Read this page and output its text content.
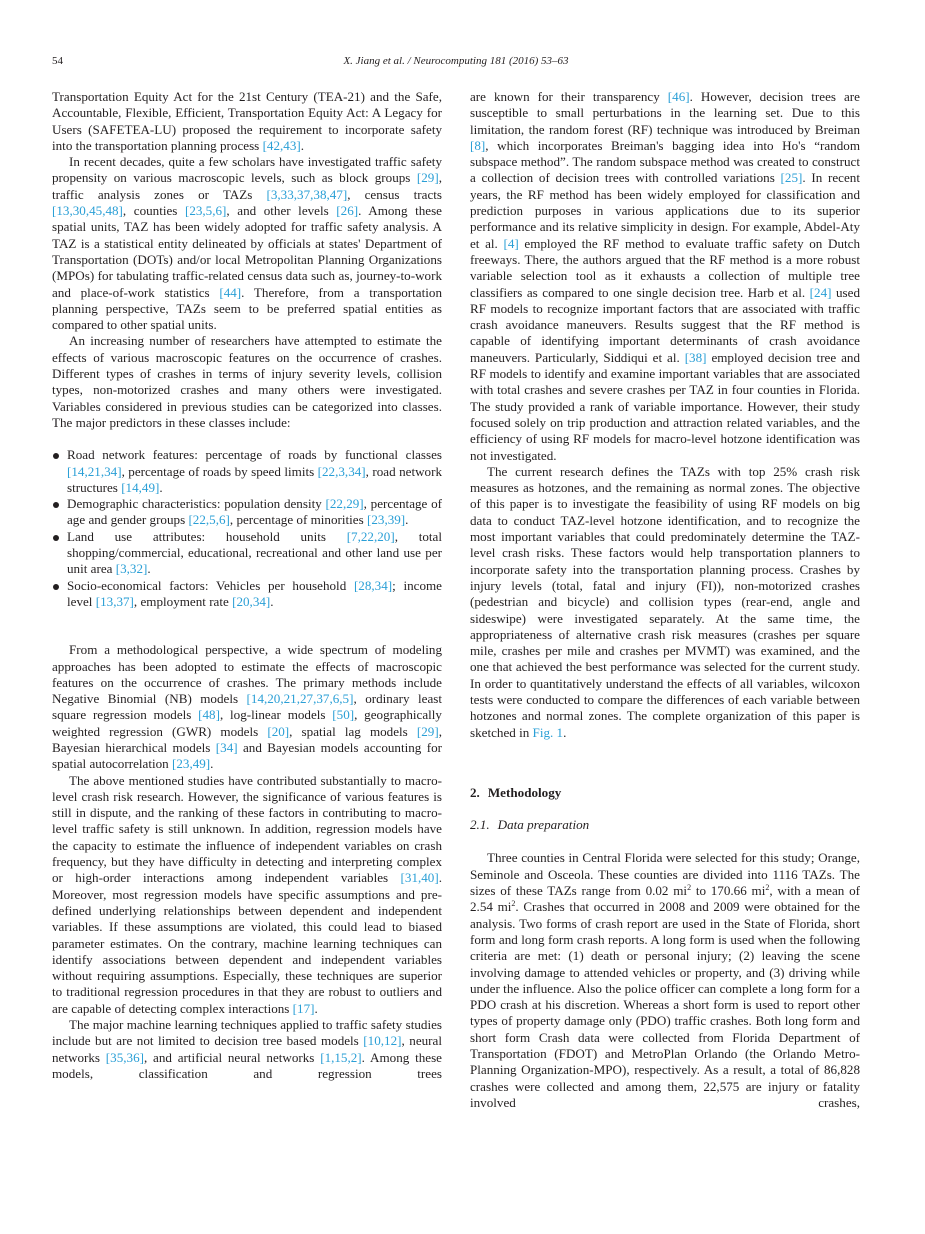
54	X. Jiang et al. / Neurocomputing 181 (2016) 53–63

Transportation Equity Act for the 21st Century (TEA-21) and the Safe, Accountable, Flexible, Efficient, Transportation Equity Act: A Legacy for Users (SAFETEA-LU) proposed the requirement to incorporate safety into the transportation planning process [42,43].

In recent decades, quite a few scholars have investigated traffic safety propensity on various macroscopic levels, such as block groups [29], traffic analysis zones or TAZs [3,33,37,38,47], census tracts [13,30,45,48], counties [23,5,6], and other levels [26]. Among these spatial units, TAZ has been widely adopted for traffic safety analysis. A TAZ is a statistical entity delineated by officials at states' Department of Transportation (DOTs) and/or local Metropolitan Planning Organizations (MPOs) for tabulating traffic-related census data such as, journey-to-work and place-of-work statistics [44]. Therefore, from a transportation planning perspective, TAZs seem to be preferred spatial entities as compared to other spatial units.

An increasing number of researchers have attempted to estimate the effects of various macroscopic features on the occurrence of crashes. Different types of crashes in terms of injury severity levels, collision types, non-motorized crashes and many others were investigated. Variables considered in previous studies can be categorized into classes. The major predictors in these classes include:

Road network features: percentage of roads by functional classes [14,21,34], percentage of roads by speed limits [22,3,34], road network structures [14,49].
Demographic characteristics: population density [22,29], percentage of age and gender groups [22,5,6], percentage of minorities [23,39].
Land use attributes: household units [7,22,20], total shopping/commercial, educational, recreational and other land use per unit area [3,32].
Socio-economical factors: Vehicles per household [28,34]; income level [13,37], employment rate [20,34].

From a methodological perspective, a wide spectrum of modeling approaches has been adopted to estimate the effects of macroscopic features on the occurrence of crashes. The primary methods include Negative Binomial (NB) models [14,20,21,27,37,6,5], ordinary least square regression models [48], log-linear models [50], geographically weighted regression (GWR) models [20], spatial lag models [29], Bayesian hierarchical models [34] and Bayesian models accounting for spatial autocorrelation [23,49].

The above mentioned studies have contributed substantially to macro-level crash risk research. However, the significance of various features is still in dispute, and the ranking of these factors in contributing to macro-level traffic safety is still unknown. In addition, regression models have the capacity to estimate the influence of independent variables on crash frequency, but they have difficulty in detecting and interpreting complex or high-order interactions among independent variables [31,40]. Moreover, most regression models have specific assumptions and pre-defined underlying relationships between dependent and independent variables. If these assumptions are violated, this could lead to biased parameter estimates. On the contrary, machine learning techniques can identify associations between dependent and independent variables without requiring assumptions. Especially, these techniques are superior to traditional regression procedures in that they are robust to outliers and are capable of detecting complex interactions [17].

The major machine learning techniques applied to traffic safety studies include but are not limited to decision tree based models [10,12], neural networks [35,36], and artificial neural networks [1,15,2]. Among these models, classification and regression trees

are known for their transparency [46]. However, decision trees are susceptible to small perturbations in the learning set. Due to this limitation, the random forest (RF) technique was introduced by Breiman [8], which incorporates Breiman's bagging idea into Ho's “random subspace method”. The random subspace method was created to construct a collection of decision trees with controlled variations [25]. In recent years, the RF method has been widely employed for classification and prediction purposes in various applications due to its superior performance and its relative simplicity in design. For example, Abdel-Aty et al. [4] employed the RF method to evaluate traffic safety on Dutch freeways. There, the authors argued that the RF method is a more robust variable selection tool as it exhausts a collection of multiple tree classifiers as compared to one single decision tree. Harb et al. [24] used RF models to recognize important factors that are associated with traffic crash avoidance maneuvers. Results suggest that the RF method is capable of identifying important determinants of crash avoidance maneuvers. Particularly, Siddiqui et al. [38] employed decision tree and RF models to identify and examine important variables that are associated with total crashes and severe crashes per TAZ in four counties in Florida. The study provided a rank of variable importance. However, their study focused solely on trip production and attraction related variables, and the efficiency of using RF models for macro-level hotzone identification was not investigated.

The current research defines the TAZs with top 25% crash risk measures as hotzones, and the remaining as normal zones. The objective of this paper is to investigate the feasibility of using RF models on big data to conduct TAZ-level hotzone identification, and to recognize the most important variables that could predominately determine the TAZ-level crash risks. These factors would help transportation planners to incorporate safety into the transportation planning process. Crashes by injury levels (total, fatal and injury (FI)), non-motorized crashes (pedestrian and bicycle) and collision types (rear-end, angle and sideswipe) were investigated separately. At the same time, the appropriateness of alternative crash risk measures (crashes per square mile, crashes per mile and crashes per MVMT) was examined, and the one that achieved the best performance was selected for the current study. In order to quantitatively understand the effects of all variables, wilcoxon tests were conducted to compare the differences of each variable between hotzones and normal zones. The complete organization of this paper is sketched in Fig. 1.

2. Methodology
2.1. Data preparation

Three counties in Central Florida were selected for this study; Orange, Seminole and Osceola. These counties are divided into 1116 TAZs. The sizes of these TAZs range from 0.02 $mi^2$ to 170.66 $mi^2$, with a mean of 2.54 $mi^2$. Crashes that occurred in 2008 and 2009 were obtained for the analysis. Two forms of crash report are used in the State of Florida, short form and long form crash reports. A long form is used when the following criteria are met: (1) death or personal injury; (2) leaving the scene involving damage to attended vehicles or property, and (3) driving while under the influence. Also the police officer can complete a long form for a PDO crash at his discretion. Whereas a short form is used to report other types of property damage only (PDO) traffic crashes. Both long form and short form Crash data were collected from Florida Department of Transportation (FDOT) and MetroPlan Orlando (the Orlando Metro-Planning Organization-MPO), respectively. As a result, a total of 86,828 crashes were collected and among them, 22,575 are injury or fatality involved crashes,
